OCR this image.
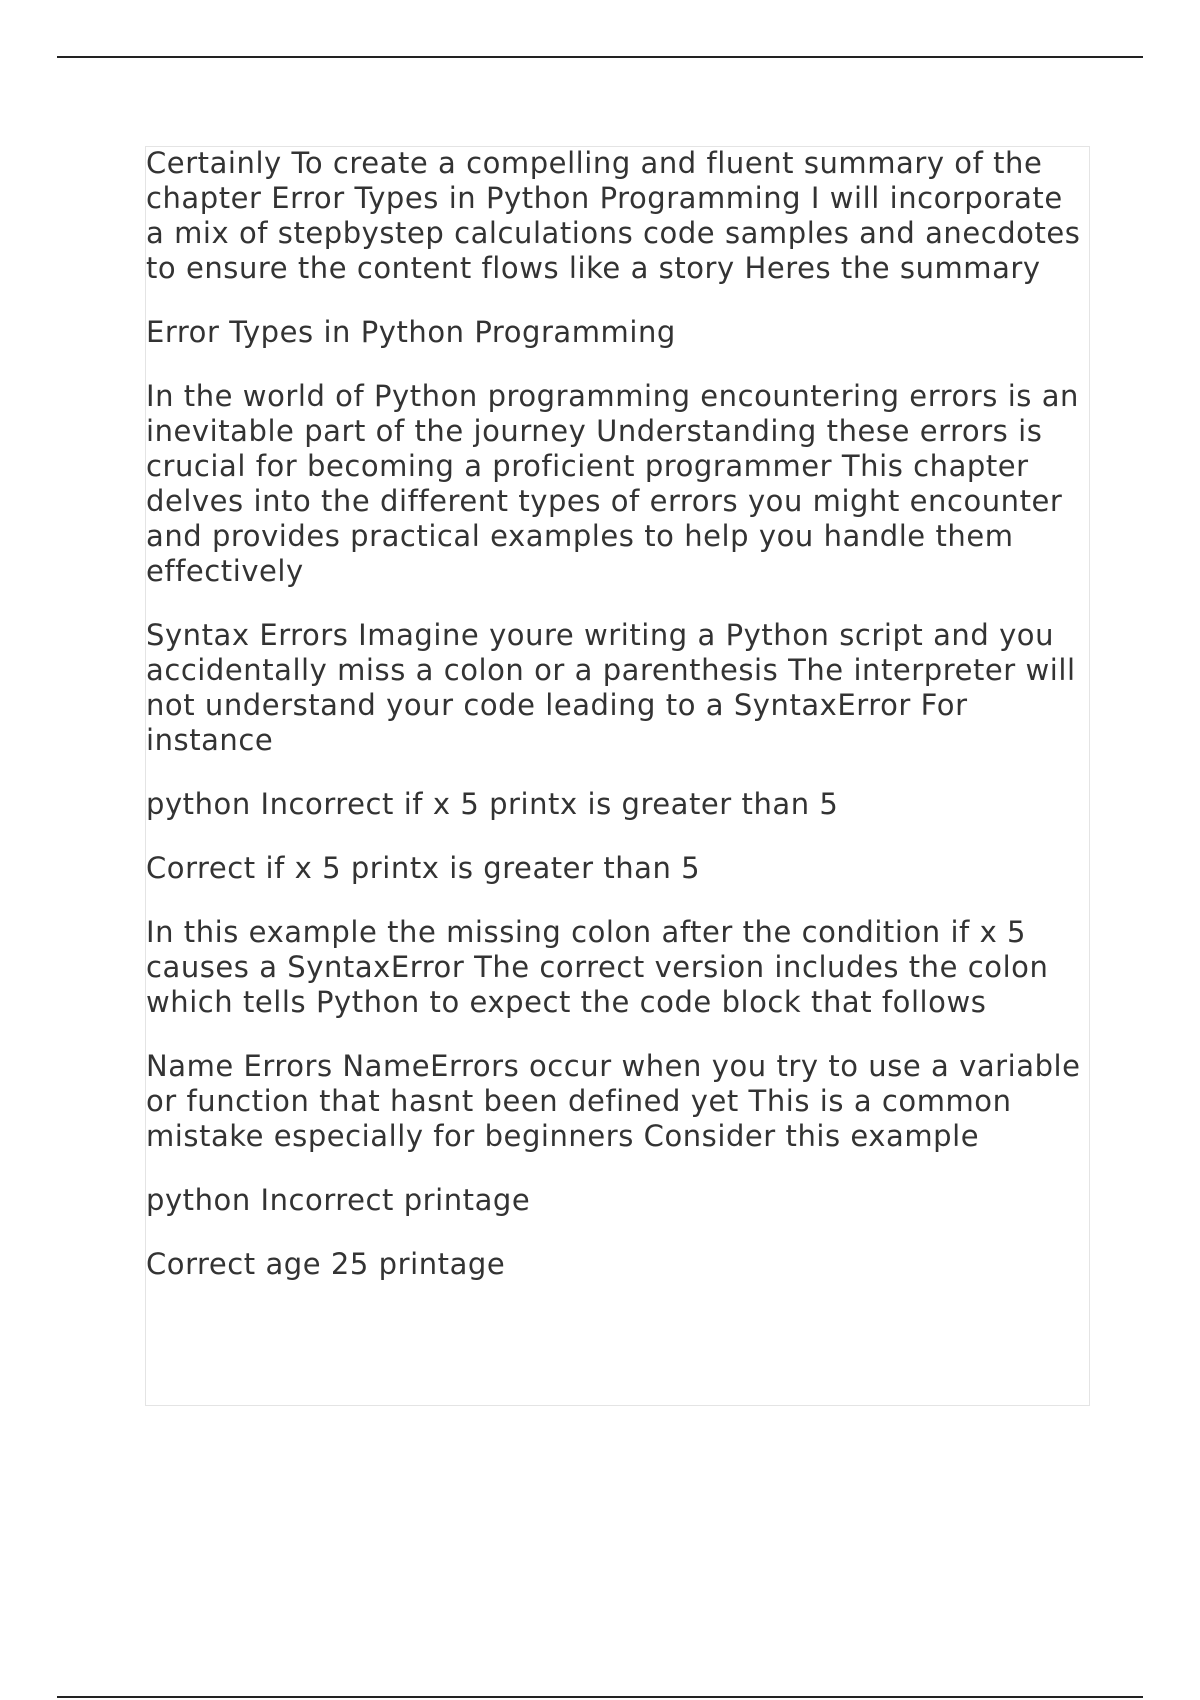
Certainly To create a compelling and fluent summary of the chapter Error Types in Python Programming I will incorporate a mix of stepbystep calculations code samples and anecdotes to ensure the content flows like a story Heres the summary

Error Types in Python Programming

In the world of Python programming encountering errors is an inevitable part of the journey Understanding these errors is crucial for becoming a proficient programmer This chapter delves into the different types of errors you might encounter and provides practical examples to help you handle them effectively

Syntax Errors Imagine youre writing a Python script and you accidentally miss a colon or a parenthesis The interpreter will not understand your code leading to a SyntaxError For instance

python Incorrect if x 5 printx is greater than 5

Correct if x 5 printx is greater than 5

In this example the missing colon after the condition if x 5 causes a SyntaxError The correct version includes the colon which tells Python to expect the code block that follows

Name Errors NameErrors occur when you try to use a variable or function that hasnt been defined yet This is a common mistake especially for beginners Consider this example

python Incorrect printage

Correct age 25 printage
